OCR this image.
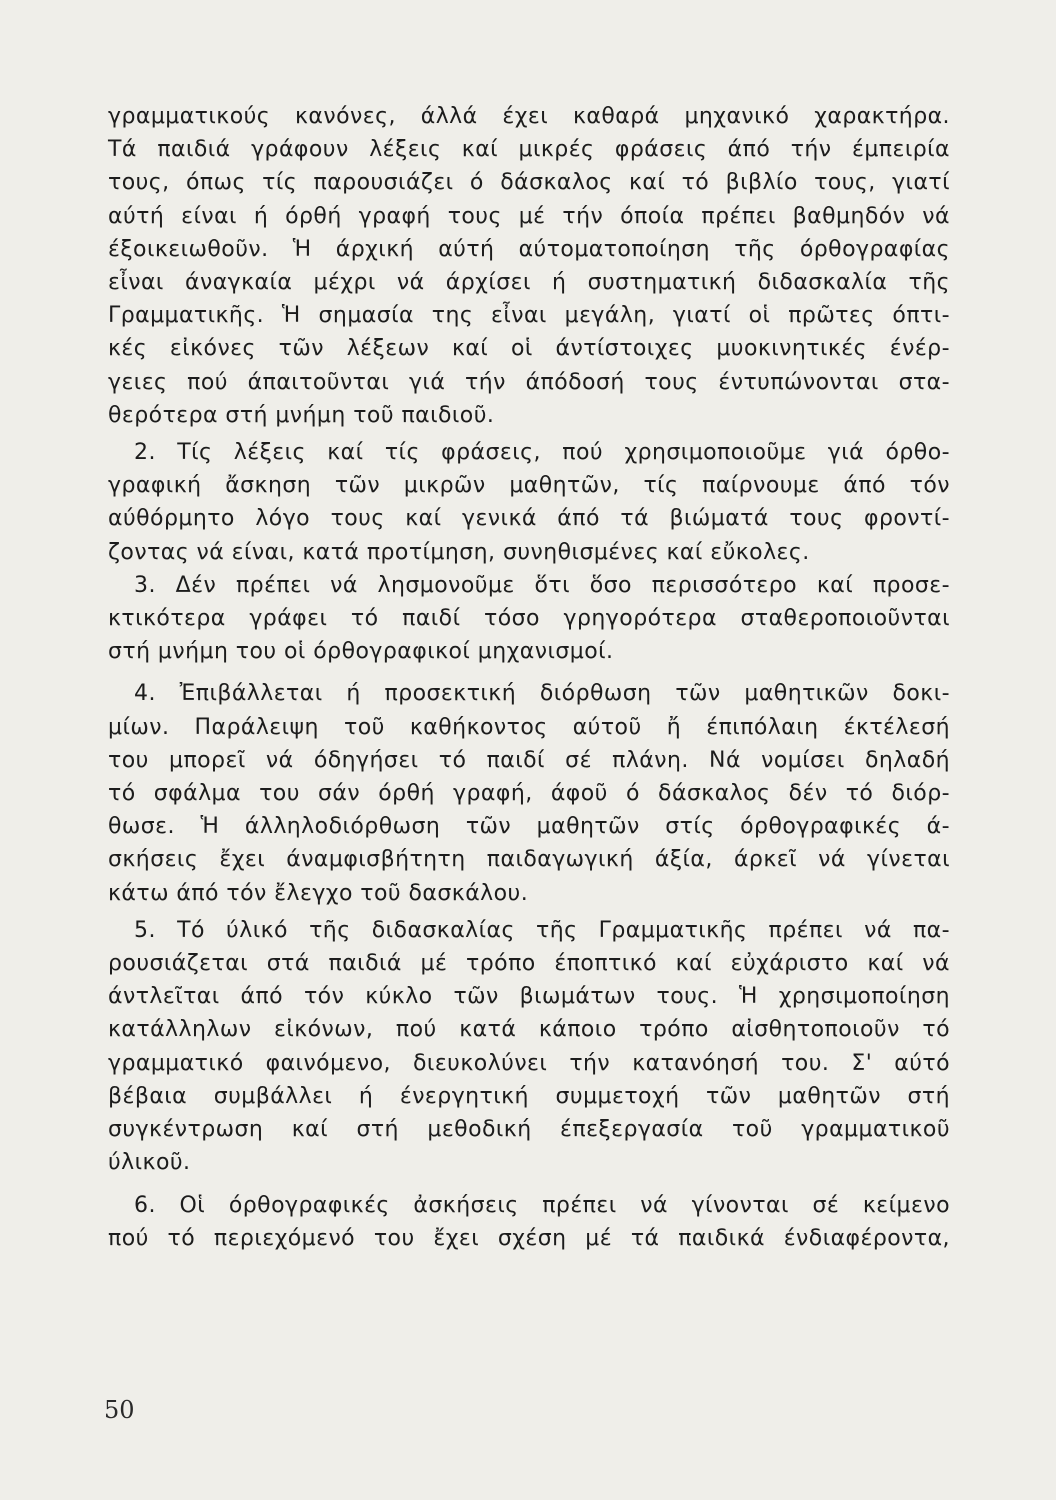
γραμματικούς κανόνες, άλλά έχει καθαρά μηχανικό χαρακτήρα.
Τά παιδιά γράφουν λέξεις καί μικρές φράσεις άπό τήν έμπειρία
τους, όπως τίς παρουσιάζει ό δάσκαλος καί τό βιβλίο τους, γιατί
αύτή είναι ή όρθή γραφή τους μέ τήν όποία πρέπει βαθμηδόν νά
έξοικειωθοῦν. Ἡ άρχική αύτή αύτοματοποίηση τῆς όρθογραφίας
εἶναι άναγκαία μέχρι νά άρχίσει ή συστηματική διδασκαλία τῆς
Γραμματικῆς. Ἡ σημασία της εἶναι μεγάλη, γιατί οἱ πρῶτες όπτι-
κές εἰκόνες τῶν λέξεων καί οἱ άντίστοιχες μυοκινητικές ένέρ-
γειες πού άπαιτοῦνται γιά τήν άπόδοσή τους έντυπώνονται στα-
θερότερα στή μνήμη τοῦ παιδιοῦ.
2. Τίς λέξεις καί τίς φράσεις, πού χρησιμοποιοῦμε γιά όρθο-
γραφική ἄσκηση τῶν μικρῶν μαθητῶν, τίς παίρνουμε άπό τόν
αύθόρμητο λόγο τους καί γενικά άπό τά βιώματά τους φροντί-
ζοντας νά είναι, κατά προτίμηση, συνηθισμένες καί εὔκολες.
3. Δέν πρέπει νά λησμονοῦμε ὅτι ὅσο περισσότερο καί προσε-
κτικότερα γράφει τό παιδί τόσο γρηγορότερα σταθεροποιοῦνται
στή μνήμη του οἱ όρθογραφικοί μηχανισμοί.
4. Ἐπιβάλλεται ή προσεκτική διόρθωση τῶν μαθητικῶν δοκι-
μίων. Παράλειψη τοῦ καθήκοντος αύτοῦ ἤ έπιπόλαιη έκτέλεσή
του μπορεῖ νά όδηγήσει τό παιδί σέ πλάνη. Νά νομίσει δηλαδή
τό σφάλμα του σάν όρθή γραφή, άφοῦ ό δάσκαλος δέν τό διόρ-
θωσε. Ἡ άλληλοδιόρθωση τῶν μαθητῶν στίς όρθογραφικές ά-
σκήσεις ἔχει άναμφισβήτητη παιδαγωγική άξία, άρκεῖ νά γίνεται
κάτω άπό τόν ἔλεγχο τοῦ δασκάλου.
5. Τό ύλικό τῆς διδασκαλίας τῆς Γραμματικῆς πρέπει νά πα-
ρουσιάζεται στά παιδιά μέ τρόπο έποπτικό καί εὐχάριστο καί νά
άντλεῖται άπό τόν κύκλο τῶν βιωμάτων τους. Ἡ χρησιμοποίηση
κατάλληλων εἰκόνων, πού κατά κάποιο τρόπο αἰσθητοποιοῦν τό
γραμματικό φαινόμενο, διευκολύνει τήν κατανόησή του. Σ' αύτό
βέβαια συμβάλλει ή ένεργητική συμμετοχή τῶν μαθητῶν στή
συγκέντρωση καί στή μεθοδική έπεξεργασία τοῦ γραμματικοῦ
ύλικοῦ.
6. Οἱ όρθογραφικές ἀσκήσεις πρέπει νά γίνονται σέ κείμενο
πού τό περιεχόμενό του ἔχει σχέση μέ τά παιδικά ένδιαφέροντα,
50
